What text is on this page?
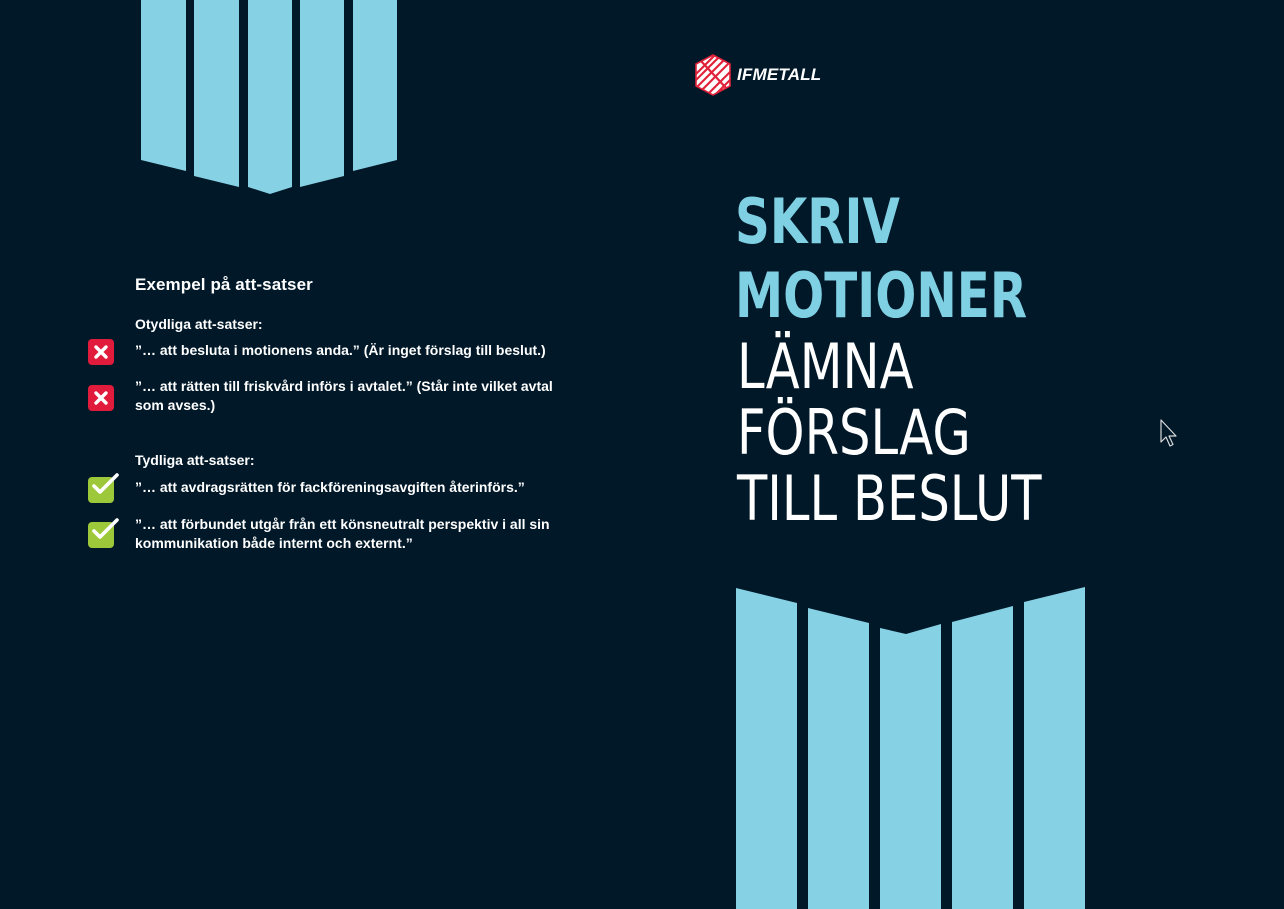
Exempel på att-satser
Otydliga att-satser:
”… att besluta i motionens anda.” (Är inget förslag till beslut.)
”… att rätten till friskvård införs i avtalet.” (Står inte vilket avtal som avses.)
Tydliga att-satser:
”… att avdragsrätten för fackföreningsavgiften återinförs.”
”… att förbundet utgår från ett könsneutralt perspektiv i all sin kommunikation både internt och externt.”
IFMETALL
SKRIV
MOTIONER
LÄMNA
FÖRSLAG
TILL BESLUT
